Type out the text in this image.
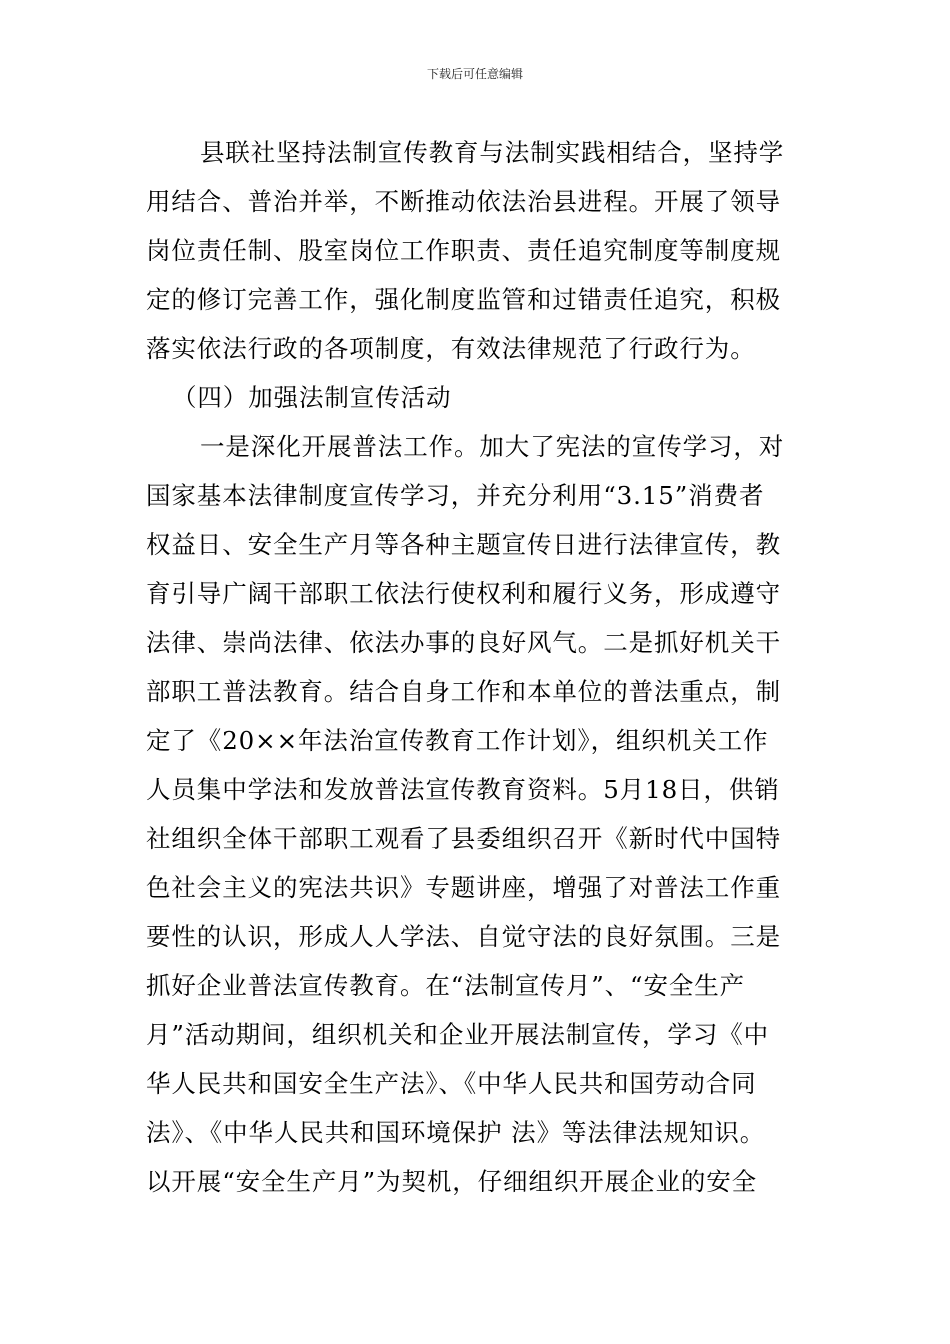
下载后可任意编辑
县联社坚持法制宣传教育与法制实践相结合，坚持学
用结合、普治并举，不断推动依法治县进程。开展了领导
岗位责任制、股室岗位工作职责、责任追究制度等制度规
定的修订完善工作，强化制度监管和过错责任追究，积极
落实依法行政的各项制度，有效法律规范了行政行为。
（四）加强法制宣传活动
一是深化开展普法工作。加大了宪法的宣传学习，对
国家基本法律制度宣传学习，并充分利用“3.15”消费者
权益日、安全生产月等各种主题宣传日进行法律宣传，教
育引导广阔干部职工依法行使权利和履行义务，形成遵守
法律、崇尚法律、依法办事的良好风气。二是抓好机关干
部职工普法教育。结合自身工作和本单位的普法重点，制
定了《20××年法治宣传教育工作计划》，组织机关工作
人员集中学法和发放普法宣传教育资料。5月18日，供销
社组织全体干部职工观看了县委组织召开《新时代中国特
色社会主义的宪法共识》专题讲座，增强了对普法工作重
要性的认识，形成人人学法、自觉守法的良好氛围。三是
抓好企业普法宣传教育。在“法制宣传月”、“安全生产
月”活动期间，组织机关和企业开展法制宣传，学习《中
华人民共和国安全生产法》、《中华人民共和国劳动合同
法》、《中华人民共和国环境保护 法》等法律法规知识。
以开展“安全生产月”为契机，仔细组织开展企业的安全
